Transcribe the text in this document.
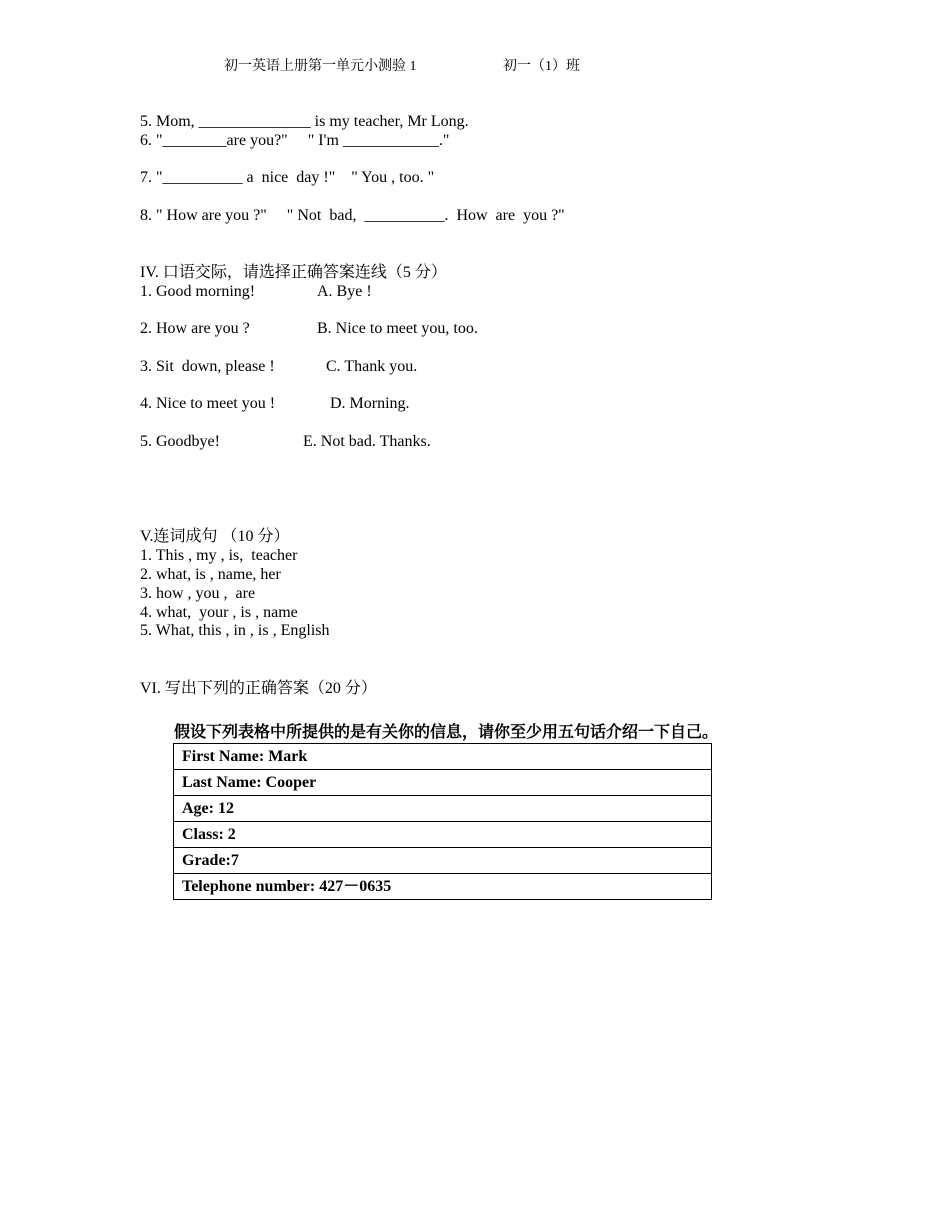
初一英语上册第一单元小测验 1	初一（1）班
5. Mom, ______________ is my teacher, Mr Long.
6. "________are you?"     " I'm ____________."
7. "__________ a  nice  day !"    " You , too. "
8. " How are you ?"     " Not  bad,  __________.  How  are  you ?"
IV. 口语交际，请选择正确答案连线（5 分）
1. Good morning!	A. Bye !
2. How are you ?	B. Nice to meet you, too.
3. Sit  down, please !	C. Thank you.
4. Nice to meet you !	D. Morning.
5. Goodbye!	E. Not bad. Thanks.
V.连词成句 （10 分）
1. This , my , is,  teacher
2. what, is , name, her
3. how , you ,  are
4. what,  your , is , name
5. What, this , in , is , English
VI. 写出下列的正确答案（20 分）
假设下列表格中所提供的是有关你的信息，请你至少用五句话介绍一下自己。
First Name: Mark
Last Name: Cooper
Age: 12
Class: 2
Grade:7
Telephone number: 427－0635
